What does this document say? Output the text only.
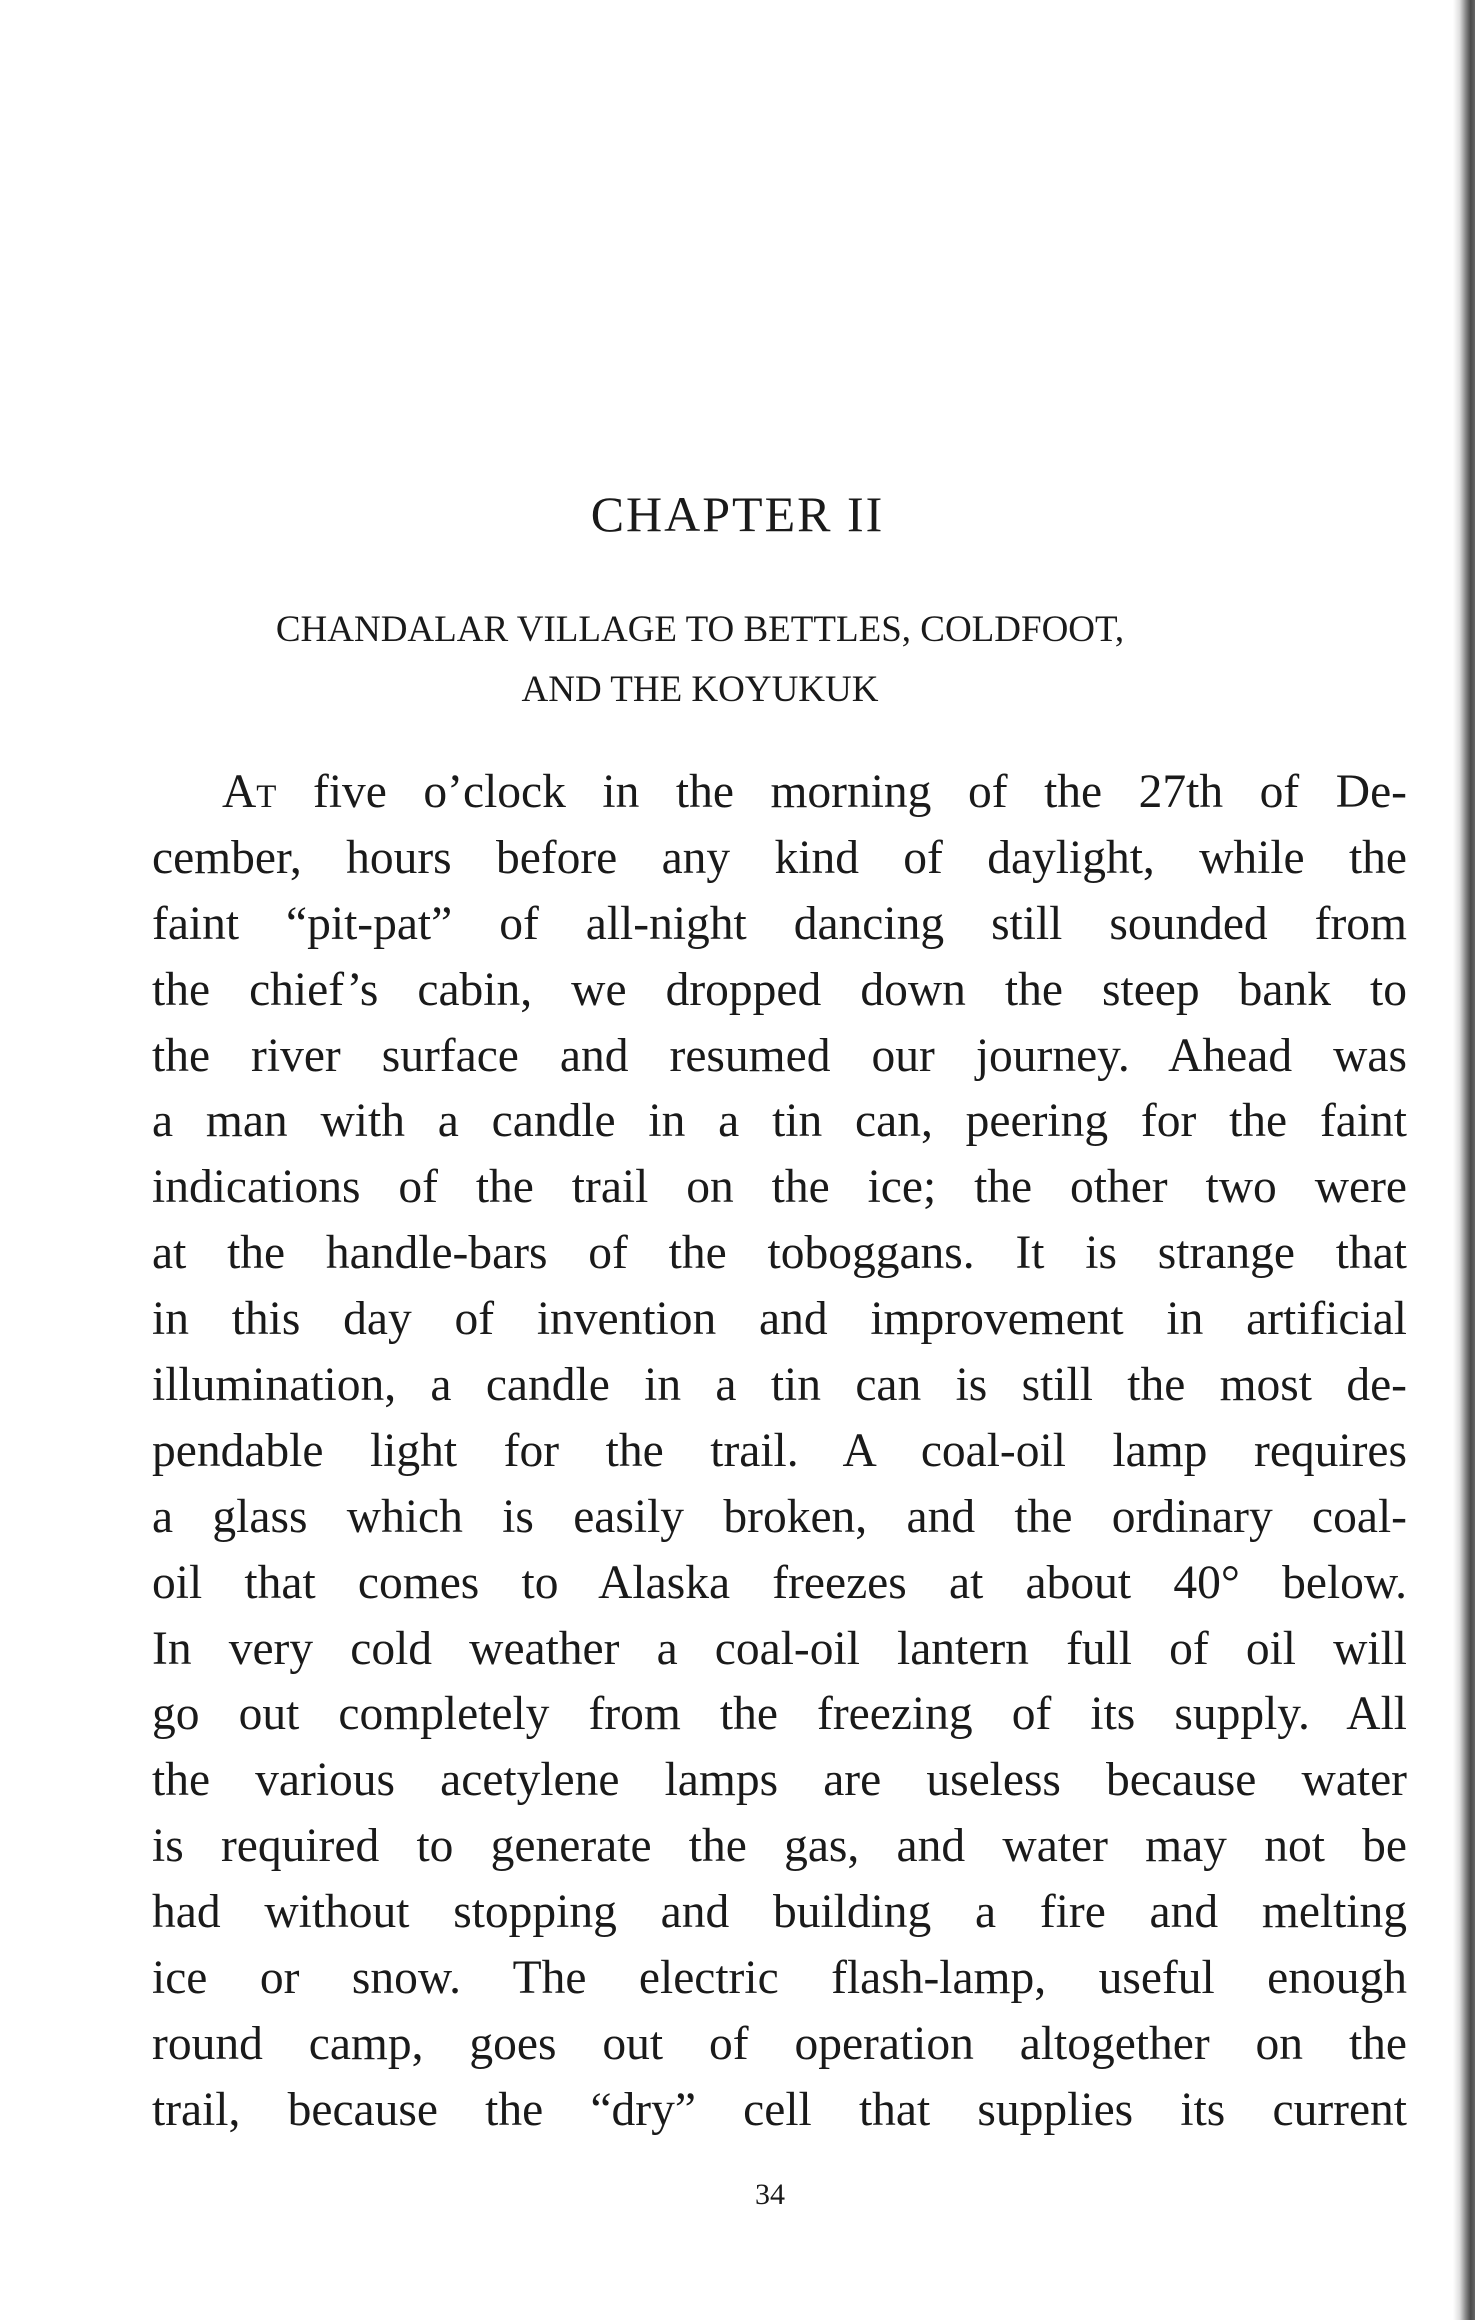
CHAPTER II
CHANDALAR VILLAGE TO BETTLES, COLDFOOT,
AND THE KOYUKUK
At five o’clock in the morning of the 27th of De-
cember, hours before any kind of daylight, while the
faint “pit-pat” of all-night dancing still sounded from
the chief’s cabin, we dropped down the steep bank to
the river surface and resumed our journey. Ahead was
a man with a candle in a tin can, peering for the faint
indications of the trail on the ice; the other two were
at the handle-bars of the toboggans. It is strange that
in this day of invention and improvement in artificial
illumination, a candle in a tin can is still the most de-
pendable light for the trail. A coal-oil lamp requires
a glass which is easily broken, and the ordinary coal-
oil that comes to Alaska freezes at about 40° below.
In very cold weather a coal-oil lantern full of oil will
go out completely from the freezing of its supply. All
the various acetylene lamps are useless because water
is required to generate the gas, and water may not be
had without stopping and building a fire and melting
ice or snow. The electric flash-lamp, useful enough
round camp, goes out of operation altogether on the
trail, because the “dry” cell that supplies its current
34
